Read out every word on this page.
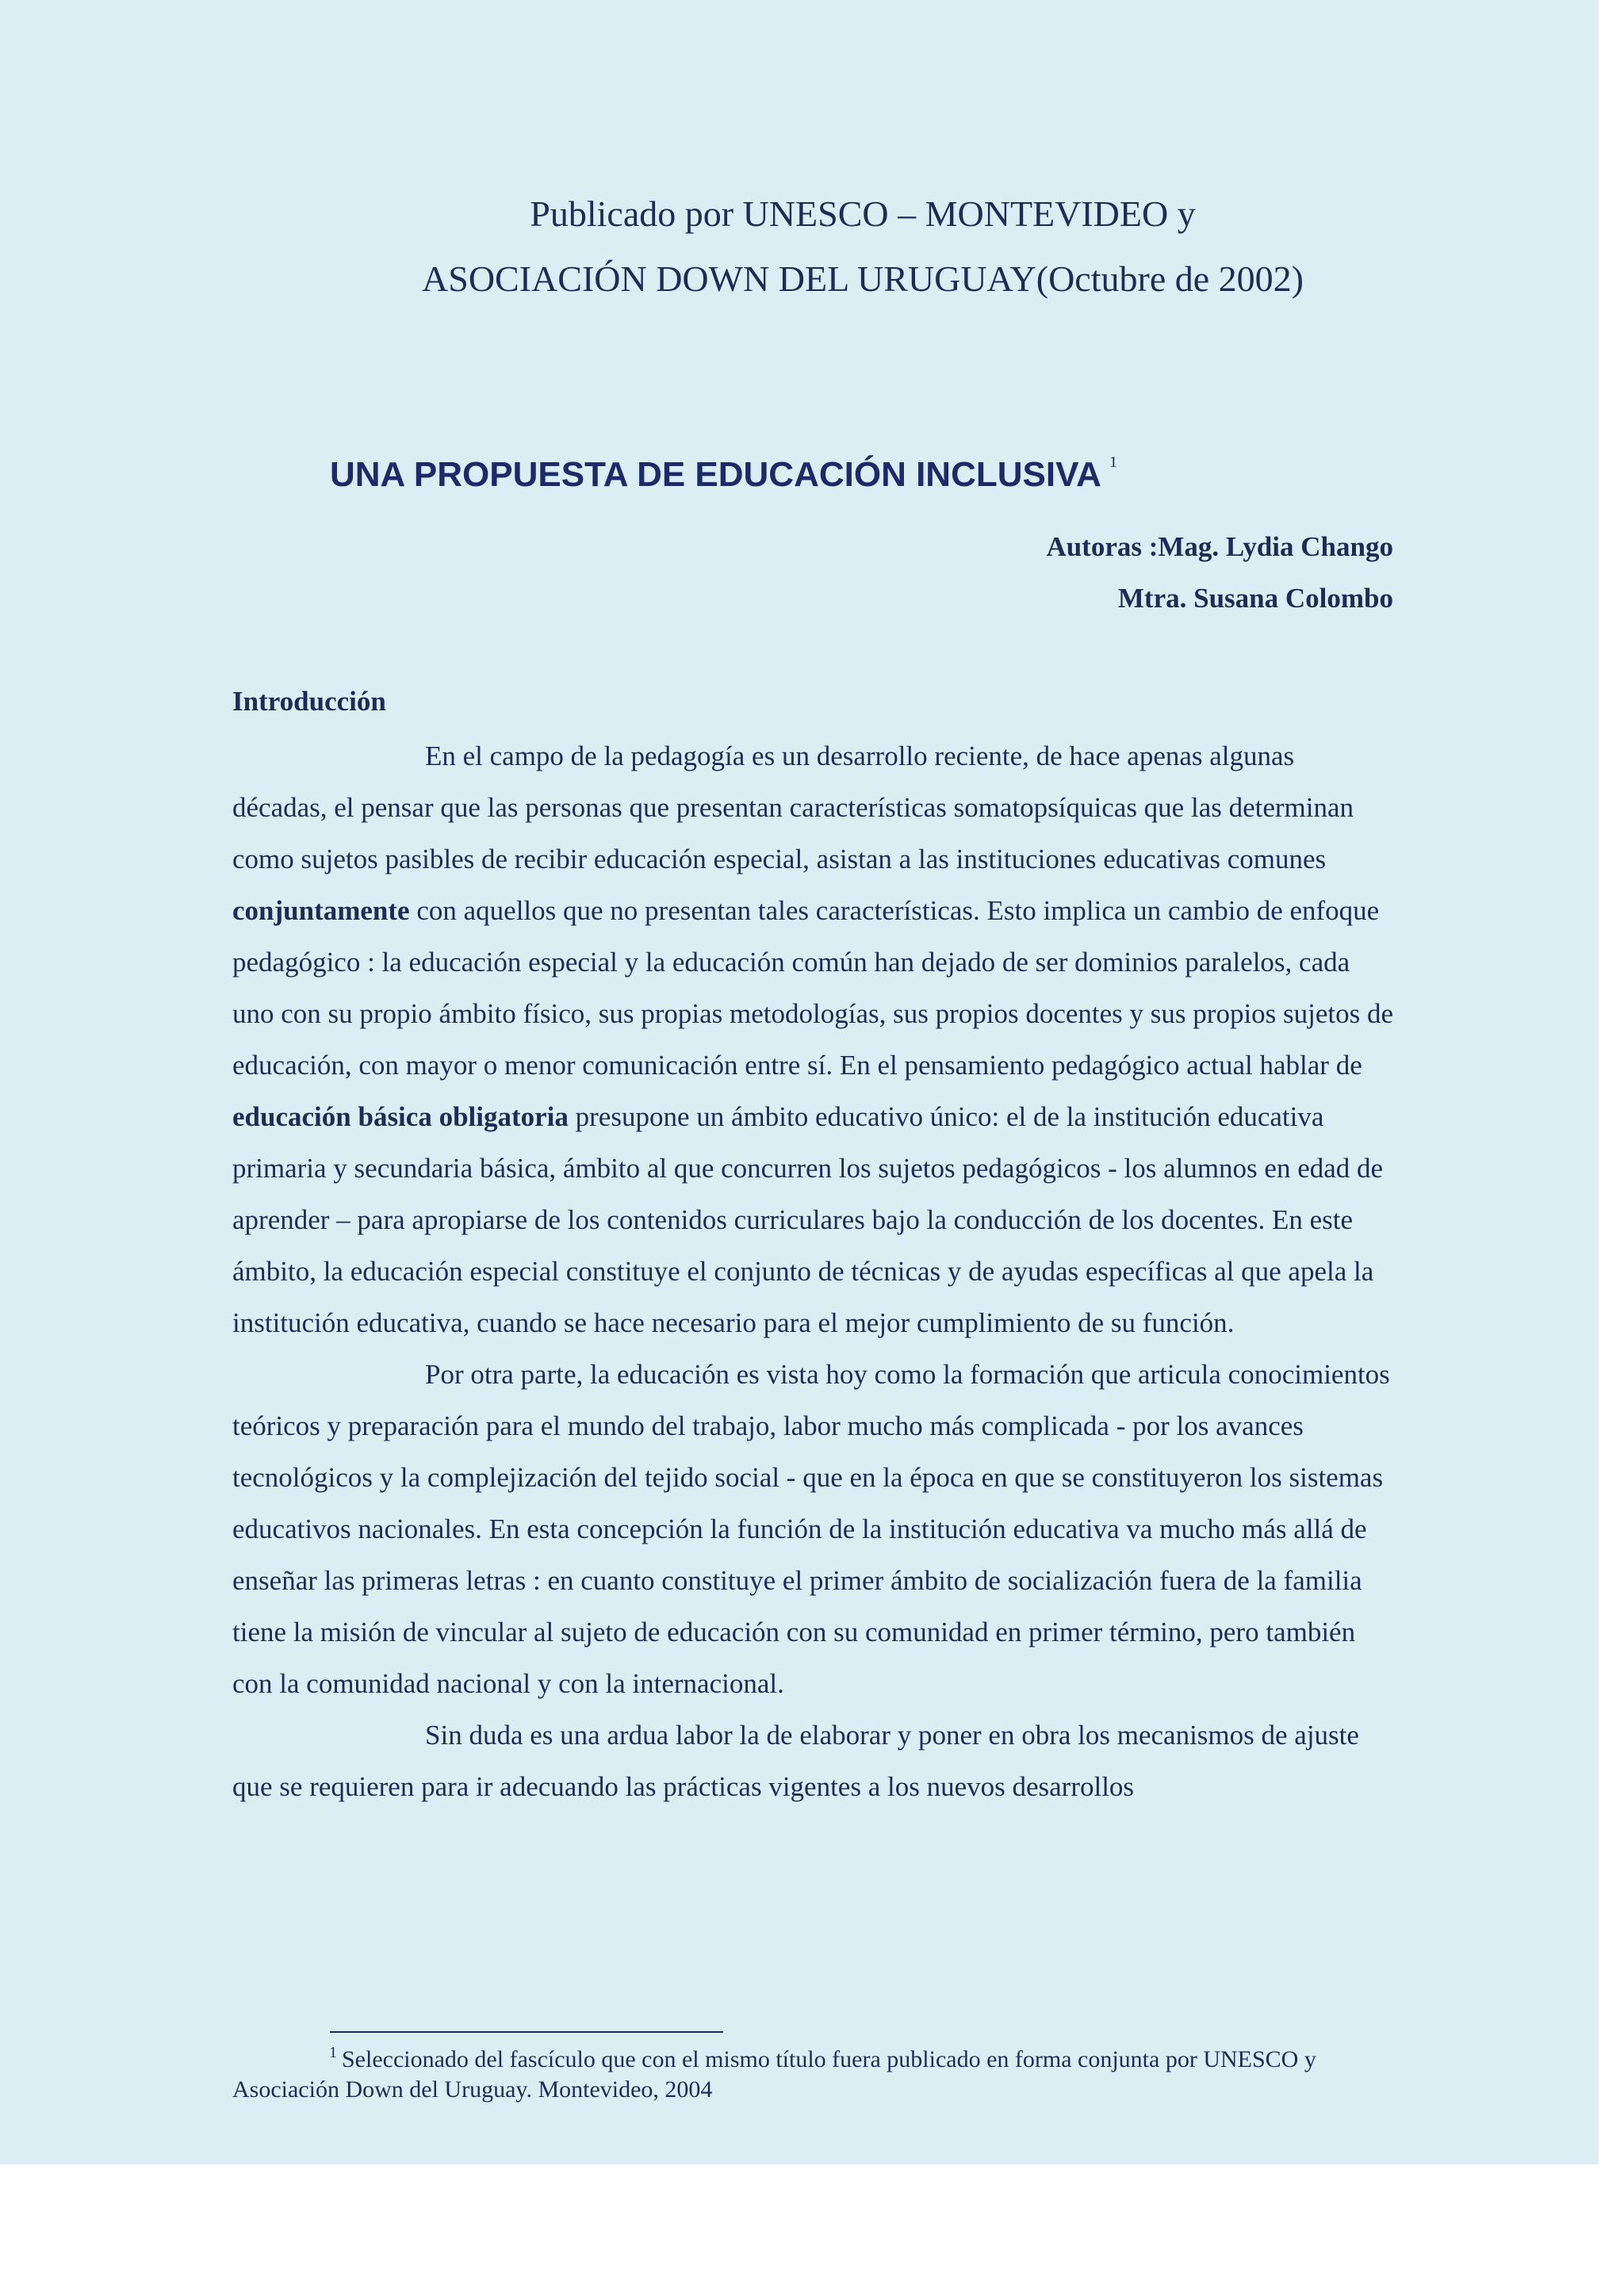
Publicado por UNESCO – MONTEVIDEO y
ASOCIACIÓN DOWN DEL URUGUAY(Octubre de 2002)
UNA PROPUESTA DE EDUCACIÓN INCLUSIVA $^1$
Autoras :Mag. Lydia Chango
Mtra. Susana Colombo
Introducción

En el campo de la pedagogía es un desarrollo reciente, de hace apenas algunas décadas, el pensar que las personas que presentan características somatopsíquicas que las determinan como sujetos pasibles de recibir educación especial, asistan a las instituciones educativas comunes conjuntamente con aquellos que no presentan tales características. Esto implica un cambio de enfoque pedagógico : la educación especial y la educación común han dejado de ser dominios paralelos, cada uno con su propio ámbito físico, sus propias metodologías, sus propios docentes y sus propios sujetos de educación, con mayor o menor comunicación entre sí. En el pensamiento pedagógico actual hablar de educación básica obligatoria presupone un ámbito educativo único: el de la institución educativa primaria y secundaria básica, ámbito al que concurren los sujetos pedagógicos - los alumnos en edad de aprender – para apropiarse de los contenidos curriculares bajo la conducción de los docentes. En este ámbito, la educación especial constituye el conjunto de técnicas y de ayudas específicas al que apela la institución educativa, cuando se hace necesario para el mejor cumplimiento de su función.

Por otra parte, la educación es vista hoy como la formación que articula conocimientos teóricos y preparación para el mundo del trabajo, labor mucho más complicada - por los avances tecnológicos y la complejización del tejido social - que en la época en que se constituyeron los sistemas educativos nacionales. En esta concepción la función de la institución educativa va mucho más allá de enseñar las primeras letras : en cuanto constituye el primer ámbito de socialización fuera de la familia tiene la misión de vincular al sujeto de educación con su comunidad en primer término, pero también con la comunidad nacional y con la internacional.

Sin duda es una ardua labor la de elaborar y poner en obra los mecanismos de ajuste que se requieren para ir adecuando las prácticas vigentes a los nuevos desarrollos

$^1$ Seleccionado del fascículo que con el mismo título fuera publicado en forma conjunta por UNESCO y Asociación Down del Uruguay. Montevideo, 2004
